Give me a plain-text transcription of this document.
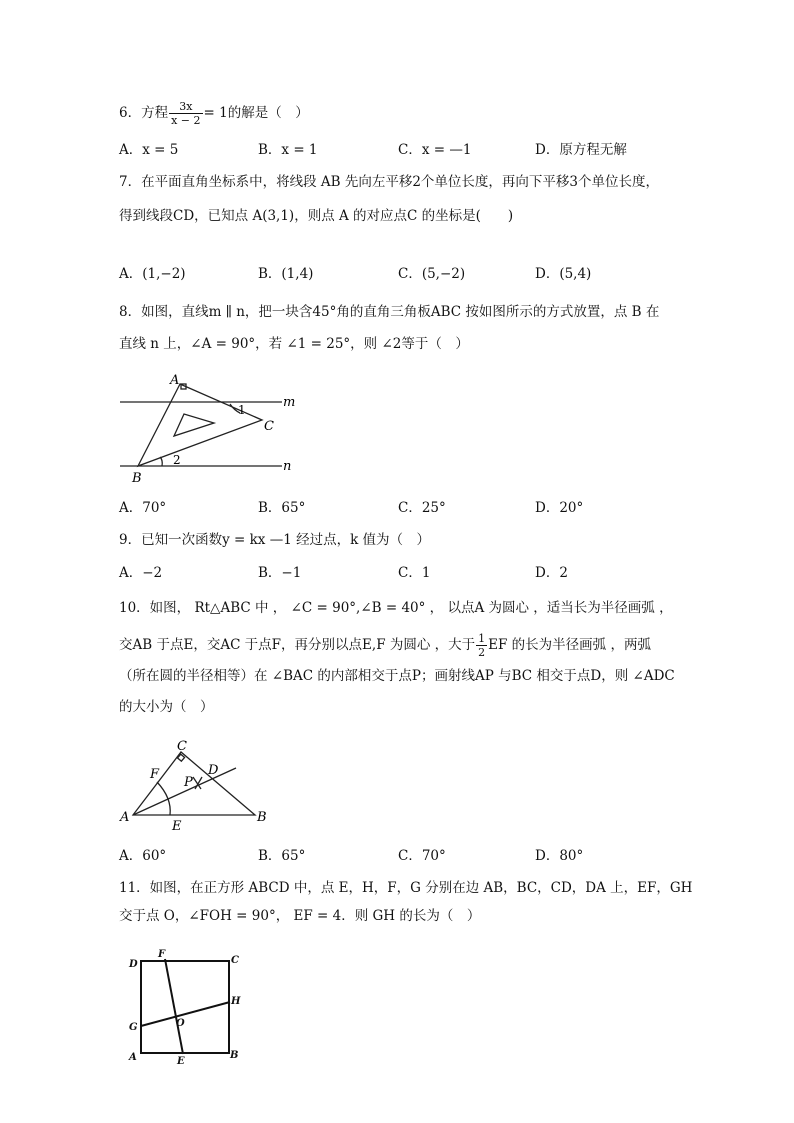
6．方程 $\frac{3x}{x - 2} = 1$的解是（　）
A．x = 5	B．x = 1	C．x = —1	D．原方程无解
7．在平面直角坐标系中，将线段 AB 先向左平移2个单位长度，再向下平移3个单位长度，
得到线段CD，已知点 A(3,1)，则点 A 的对应点C 的坐标是(　　)
A．(1,−2)	B．(1,4)	C．(5,−2)	D．(5,4)
8．如图，直线m ∥ n，把一块含45°角的直角三角板ABC 按如图所示的方式放置，点 B 在
直线 n 上，∠A = 90°，若 ∠1 = 25°，则 ∠2等于（　）
A
B
C
m
n
1
2
A．70°	B．65°	C．25°	D．20°
9．已知一次函数y = kx —1 经过点，k 值为（　）
A．−2	B．−1	C．1	D．2
10．如图， Rt△ABC 中 ， ∠C = 90°,∠B = 40° ， 以点A 为圆心 ，适当长为半径画弧 ，
交AB 于点E，交AC 于点F，再分别以点E,F 为圆心 ，大于 $\frac{1}{2}$ EF 的长为半径画弧 ，两弧
（所在圆的半径相等）在 ∠BAC 的内部相交于点P；画射线AP 与BC 相交于点D，则 ∠ADC
的大小为（　）
A	B
C
D
E
F
P
A．60°	B．65°	C．70°	D．80°
11．如图，在正方形 ABCD 中，点 E，H，F，G 分别在边 AB，BC，CD，DA 上，EF，GH
交于点 O，∠FOH = 90°， EF = 4．则 GH 的长为（　）
D	C
A	B
F
E
G
H
O
